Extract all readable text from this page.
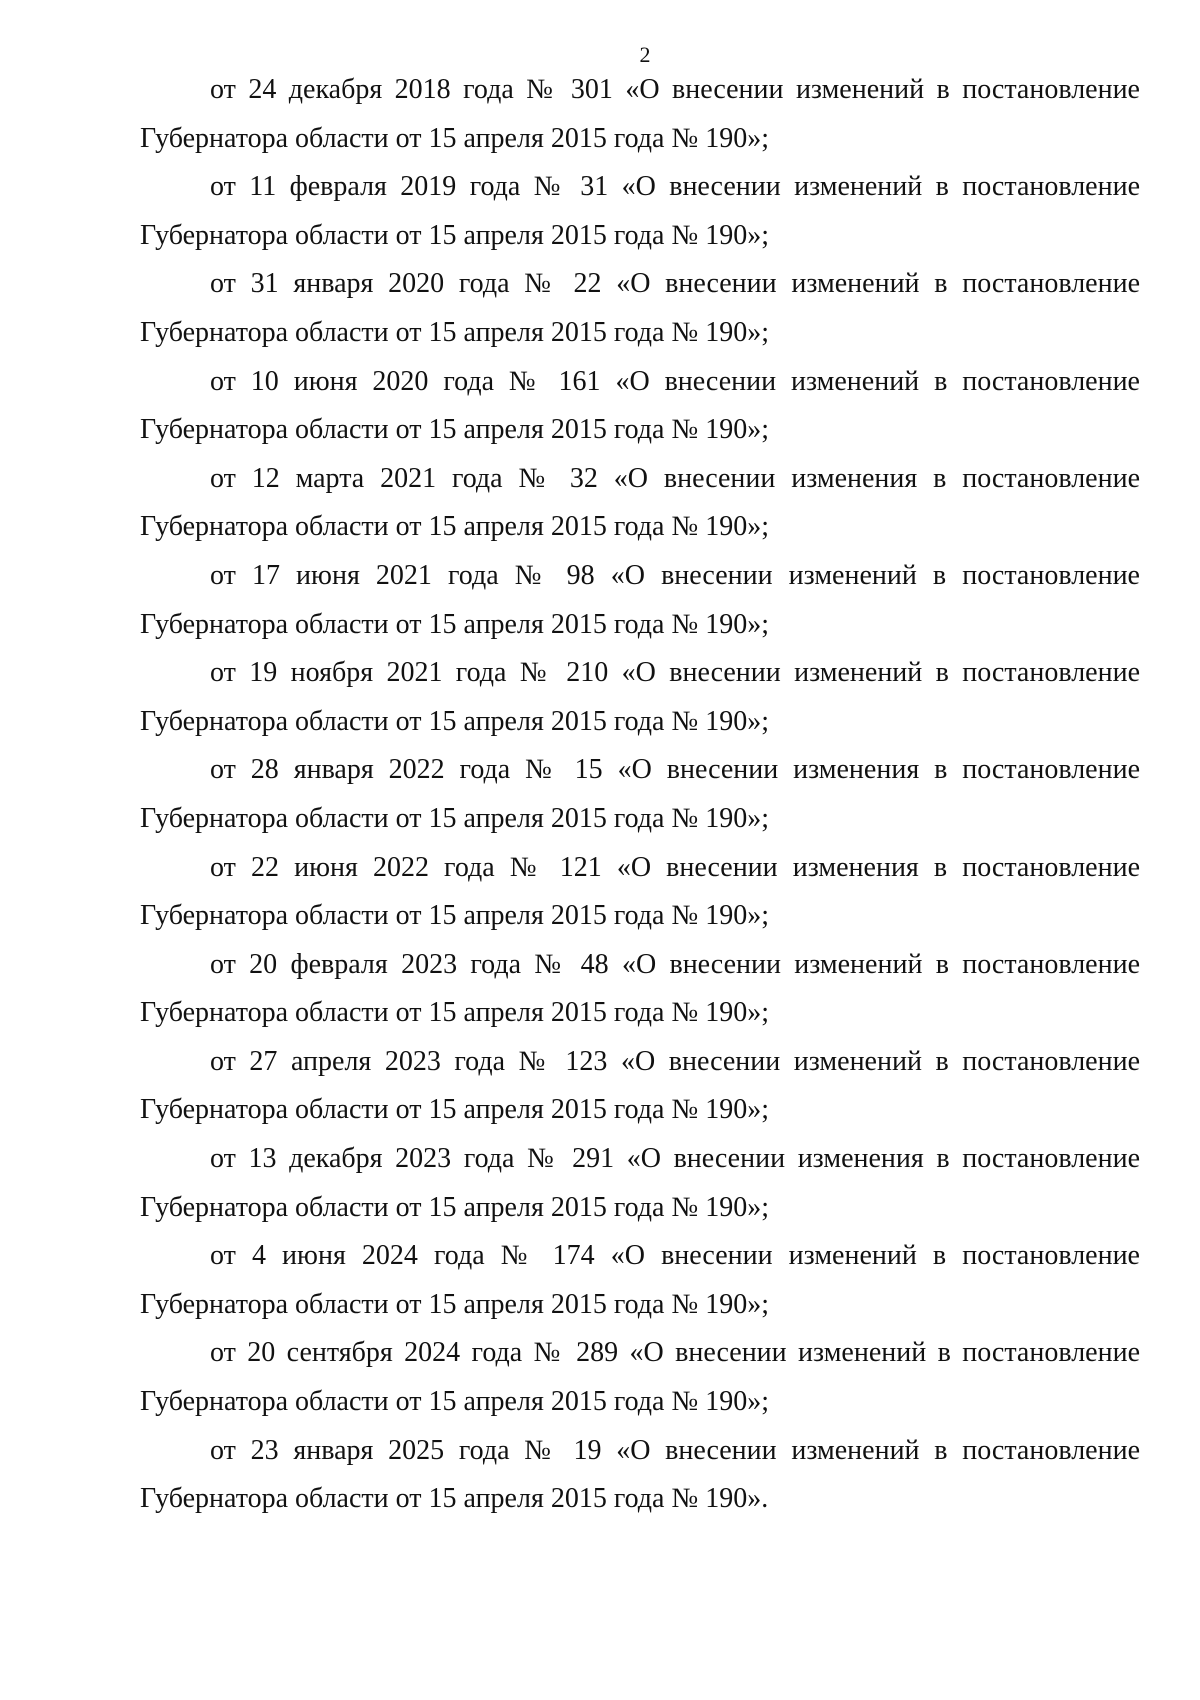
2

от 24 декабря 2018 года № 301 «О внесении изменений в постановление
Губернатора области от 15 апреля 2015 года № 190»;

от 11 февраля 2019 года № 31 «О внесении изменений в постановление
Губернатора области от 15 апреля 2015 года № 190»;

от 31 января 2020 года № 22 «О внесении изменений в постановление
Губернатора области от 15 апреля 2015 года № 190»;

от 10 июня 2020 года № 161 «О внесении изменений в постановление
Губернатора области от 15 апреля 2015 года № 190»;

от 12 марта 2021 года № 32 «О внесении изменения в постановление
Губернатора области от 15 апреля 2015 года № 190»;

от 17 июня 2021 года № 98 «О внесении изменений в постановление
Губернатора области от 15 апреля 2015 года № 190»;

от 19 ноября 2021 года № 210 «О внесении изменений в постановление
Губернатора области от 15 апреля 2015 года № 190»;

от 28 января 2022 года № 15 «О внесении изменения в постановление
Губернатора области от 15 апреля 2015 года № 190»;

от 22 июня 2022 года № 121 «О внесении изменения в постановление
Губернатора области от 15 апреля 2015 года № 190»;

от 20 февраля 2023 года № 48 «О внесении изменений в постановление
Губернатора области от 15 апреля 2015 года № 190»;

от 27 апреля 2023 года № 123 «О внесении изменений в постановление
Губернатора области от 15 апреля 2015 года № 190»;

от 13 декабря 2023 года № 291 «О внесении изменения в постановление
Губернатора области от 15 апреля 2015 года № 190»;

от 4 июня 2024 года № 174 «О внесении изменений в постановление
Губернатора области от 15 апреля 2015 года № 190»;

от 20 сентября 2024 года № 289 «О внесении изменений в постановление
Губернатора области от 15 апреля 2015 года № 190»;

от 23 января 2025 года № 19 «О внесении изменений в постановление
Губернатора области от 15 апреля 2015 года № 190».
